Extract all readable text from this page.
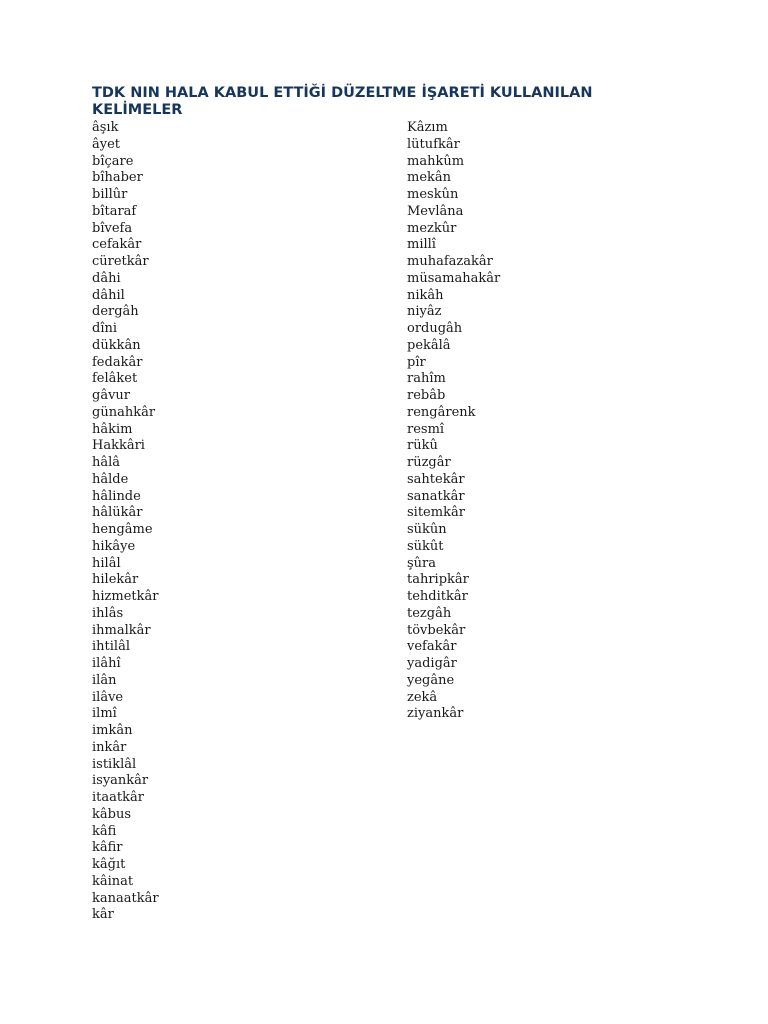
TDK NIN HALA KABUL ETTİĞİ DÜZELTME İŞARETİ KULLANILAN KELİMELER
âşık
âyet
bîçare
bîhaber
billûr
bîtaraf
bîvefa
cefakâr
cüretkâr
dâhi
dâhil
dergâh
dîni
dükkân
fedakâr
felâket
gâvur
günahkâr
hâkim
Hakkâri
hâlâ
hâlde
hâlinde
hâlükâr
hengâme
hikâye
hilâl
hilekâr
hizmetkâr
ihlâs
ihmalkâr
ihtilâl
ilâhî
ilân
ilâve
ilmî
imkân
inkâr
istiklâl
isyankâr
itaatkâr
kâbus
kâfi
kâfir
kâğıt
kâinat
kanaatkâr
kâr
Kâzım
lütufkâr
mahkûm
mekân
meskûn
Mevlâna
mezkûr
millî
muhafazakâr
müsamahakâr
nikâh
niyâz
ordugâh
pekâlâ
pîr
rahîm
rebâb
rengârenk
resmî
rükû
rüzgâr
sahtekâr
sanatkâr
sitemkâr
sükûn
sükût
şûra
tahripkâr
tehditkâr
tezgâh
tövbekâr
vefakâr
yadigâr
yegâne
zekâ
ziyankâr
